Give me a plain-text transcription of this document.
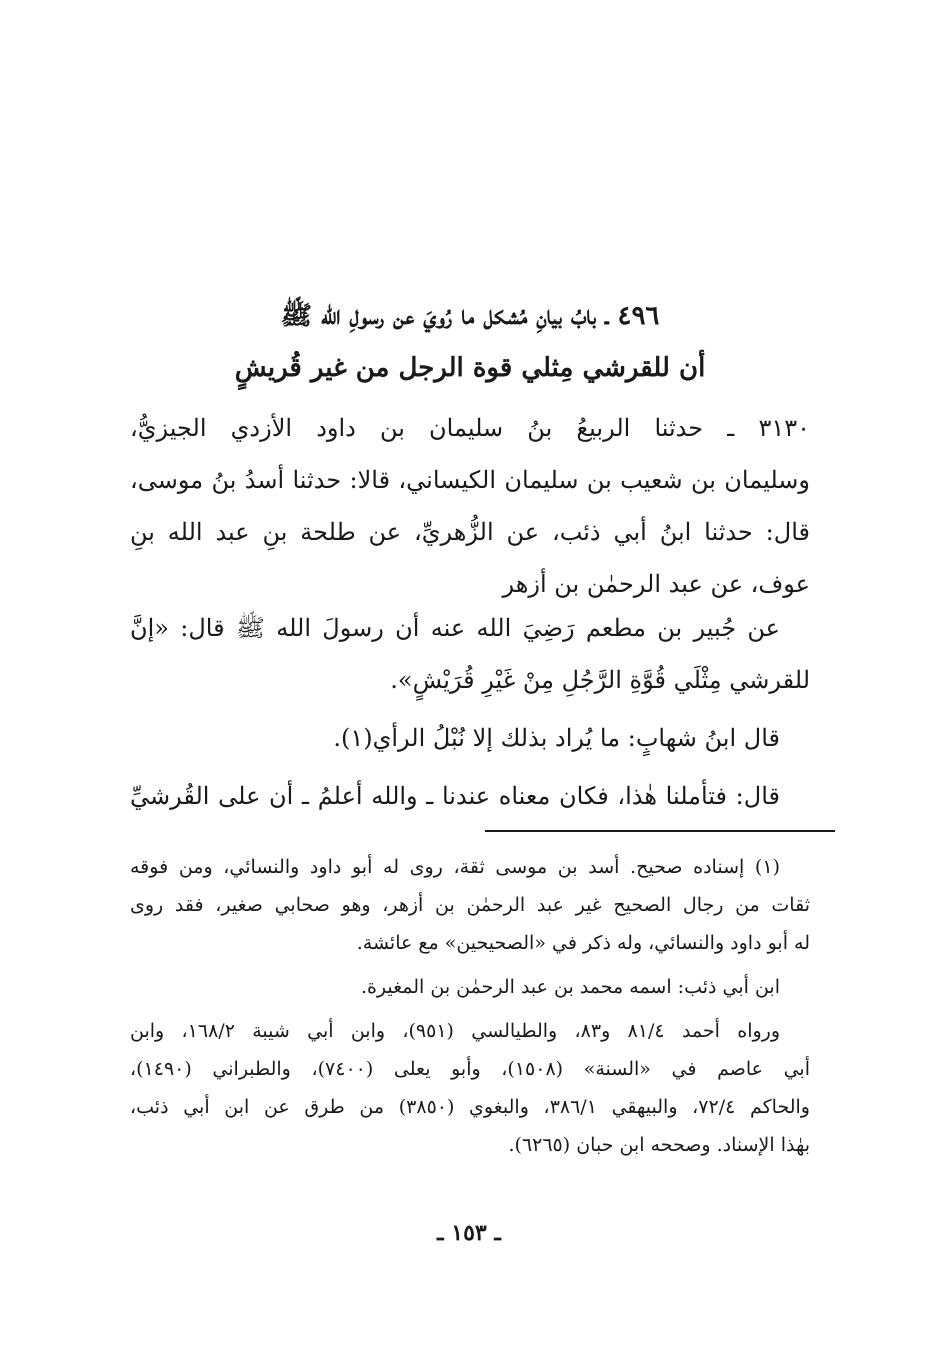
٤٩٦ ـ بابُ بيانِ مُشكل ما رُويَ عن رسولِ الله ﷺ
أن للقرشي مِثلي قوة الرجل من غير قُريشٍ
٣١٣٠ ـ حدثنا الربيعُ بنُ سليمان بن داود الأزدي الجيزيُّ،
وسليمان بن شعيب بن سليمان الكيساني، قالا: حدثنا أسدُ بنُ موسى،
قال: حدثنا ابنُ أبي ذئب، عن الزُّهريِّ، عن طلحة بنِ عبد الله بنِ
عوف، عن عبد الرحمٰن بن أزهر
عن جُبير بن مطعم رَضِيَ الله عنه أن رسولَ الله ﷺ قال: «إنَّ
للقرشي مِثْلَي قُوَّةِ الرَّجُلِ مِنْ غَيْرِ قُرَيْشٍ».
قال ابنُ شهابٍ: ما يُراد بذلك إلا نُبْلُ الرأي(١).
قال: فتأملنا هٰذا، فكان معناه عندنا ـ والله أعلمُ ـ أن على القُرشيِّ
(١) إسناده صحيح. أسد بن موسى ثقة، روى له أبو داود والنسائي، ومن فوقه
ثقات من رجال الصحيح غير عبد الرحمٰن بن أزهر، وهو صحابي صغير، فقد روى
له أبو داود والنسائي، وله ذكر في «الصحيحين» مع عائشة.
ابن أبي ذئب: اسمه محمد بن عبد الرحمٰن بن المغيرة.
ورواه أحمد ٨١/٤ و٨٣، والطيالسي (٩٥١)، وابن أبي شيبة ١٦٨/٢، وابن
أبي عاصم في «السنة» (١٥٠٨)، وأبو يعلى (٧٤٠٠)، والطبراني (١٤٩٠)،
والحاكم ٧٢/٤، والبيهقي ٣٨٦/١، والبغوي (٣٨٥٠) من طرق عن ابن أبي ذئب،
بهٰذا الإسناد. وصححه ابن حبان (٦٢٦٥).
ـ ١٥٣ ـ
